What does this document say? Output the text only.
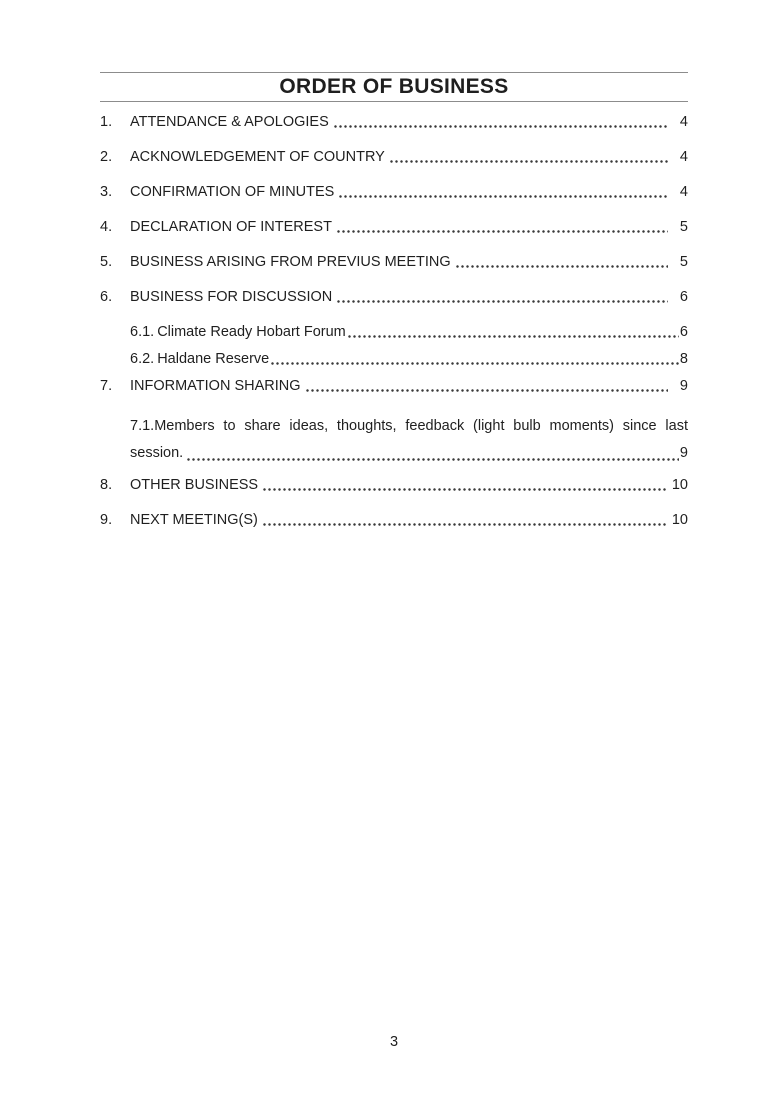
ORDER OF BUSINESS
1.	ATTENDANCE & APOLOGIES	4
2.	ACKNOWLEDGEMENT OF COUNTRY	4
3.	CONFIRMATION OF MINUTES	4
4.	DECLARATION OF INTEREST	5
5.	BUSINESS ARISING FROM PREVIUS MEETING	5
6.	BUSINESS FOR DISCUSSION	6
6.1. Climate Ready Hobart Forum	6
6.2. Haldane Reserve	8
7.	INFORMATION SHARING	9
7.1.Members to share ideas, thoughts, feedback (light bulb moments) since last
session.	9
8.	OTHER BUSINESS	10
9.	NEXT MEETING(S)	10
3
